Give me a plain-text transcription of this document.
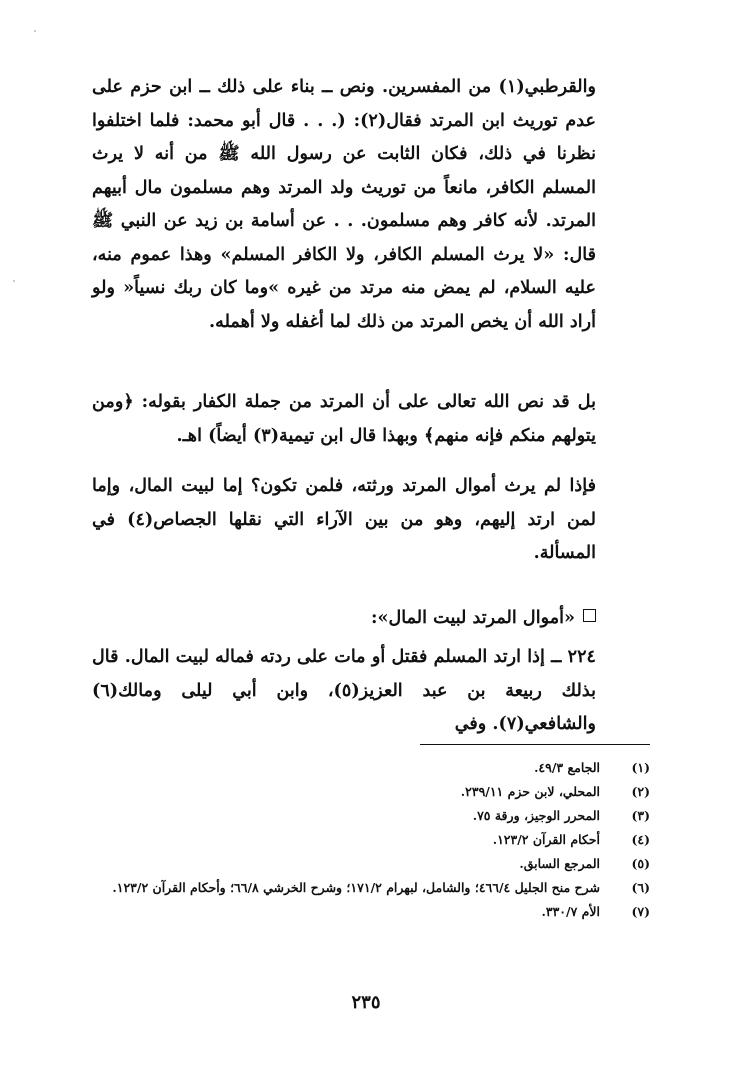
والقرطبي(١) من المفسرين. ونص ــ بناء على ذلك ــ ابن حزم على عدم توريث ابن المرتد فقال(٢): (. . . قال أبو محمد: فلما اختلفوا نظرنا في ذلك، فكان الثابت عن رسول الله ﷺ من أنه لا يرث المسلم الكافر، مانعاً من توريث ولد المرتد وهم مسلمون مال أبيهم المرتد. لأنه كافر وهم مسلمون. . . عن أسامة بن زيد عن النبي ﷺ قال: «لا يرث المسلم الكافر، ولا الكافر المسلم» وهذا عموم منه، عليه السلام، لم يمض منه مرتد من غيره »وما كان ربك نسياً« ولو أراد الله أن يخص المرتد من ذلك لما أغفله ولا أهمله.
بل قد نص الله تعالى على أن المرتد من جملة الكفار بقوله: ﴿ومن يتولهم منكم فإنه منهم﴾ وبهذا قال ابن تيمية(٣) أيضاً) اهـ.
فإذا لم يرث أموال المرتد ورثته، فلمن تكون؟ إما لبيت المال، وإما لمن ارتد إليهم، وهو من بين الآراء التي نقلها الجصاص(٤) في المسألة.
«أموال المرتد لبيت المال»:
٢٢٤ ــ إذا ارتد المسلم فقتل أو مات على ردته فماله لبيت المال. قال بذلك ربيعة بن عبد العزيز(٥)، وابن أبي ليلى ومالك(٦) والشافعي(٧). وفي
(١)
الجامع ٤٩/٣.
(٢)
المحلي، لابن حزم ٢٣٩/١١.
(٣)
المحرر الوجيز، ورقة ٧٥.
(٤)
أحكام القرآن ١٢٣/٢.
(٥)
المرجع السابق.
(٦)
شرح منح الجليل ٤٦٦/٤؛ والشامل، لبهرام ١٧١/٢؛ وشرح الخرشي ٦٦/٨؛ وأحكام القرآن ١٢٣/٢.
(٧)
الأم ٣٣٠/٧.
٢٣٥
